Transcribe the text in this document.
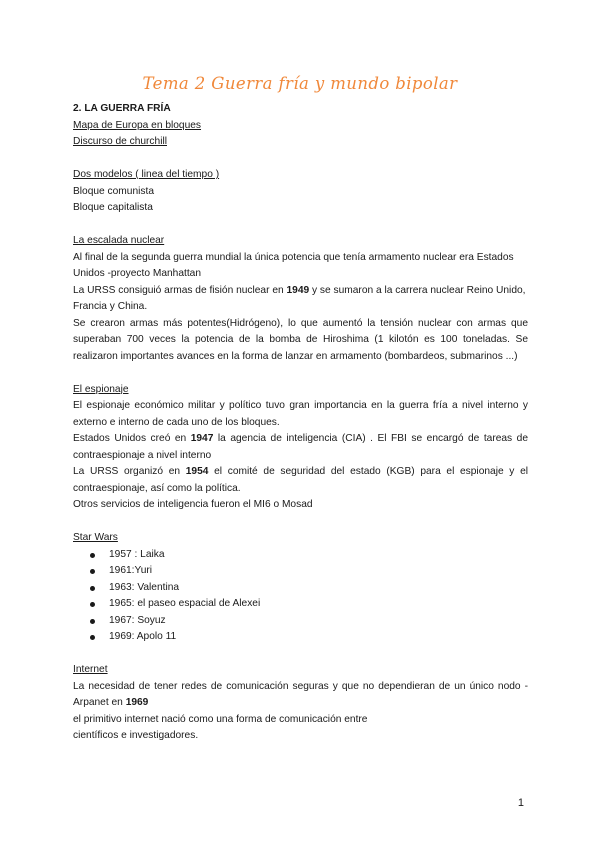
Tema 2 Guerra fría y mundo bipolar

2. LA GUERRA FRÍA

Mapa de Europa en bloques

Discurso de churchill

Dos modelos ( linea del tiempo )

Bloque comunista

Bloque capitalista

La escalada nuclear

Al final de la segunda guerra mundial la única potencia que tenía armamento nuclear era Estados

Unidos -proyecto Manhattan

La URSS consiguió armas de fisión nuclear en 1949 y se sumaron a la carrera nuclear Reino Unido,

Francia y China.

Se crearon armas más potentes(Hidrógeno), lo que aumentó la tensión nuclear con armas que

superaban 700 veces la potencia de la bomba de Hiroshima (1 kilotón es 100 toneladas. Se

realizaron importantes avances en la forma de lanzar en armamento (bombardeos, submarinos ...)

El espionaje

El espionaje económico militar y político tuvo gran importancia en la guerra fría a nivel interno y

externo e interno de cada uno de los bloques.

Estados Unidos creó en 1947 la agencia de inteligencia (CIA) . El FBI se encargó de tareas de

contraespionaje a nivel interno

La URSS organizó en 1954 el comité de seguridad del estado (KGB) para el espionaje y el

contraespionaje, así como la política.

Otros servicios de inteligencia fueron el MI6 o Mosad

Star Wars

1957 : Laika
1961:Yuri
1963: Valentina
1965: el paseo espacial de Alexei
1967: Soyuz
1969: Apolo 11

Internet

La necesidad de tener redes de comunicación seguras y que no dependieran de un único nodo -

Arpanet en 1969

el primitivo internet nació como una forma de comunicación entre

científicos e investigadores.

1
